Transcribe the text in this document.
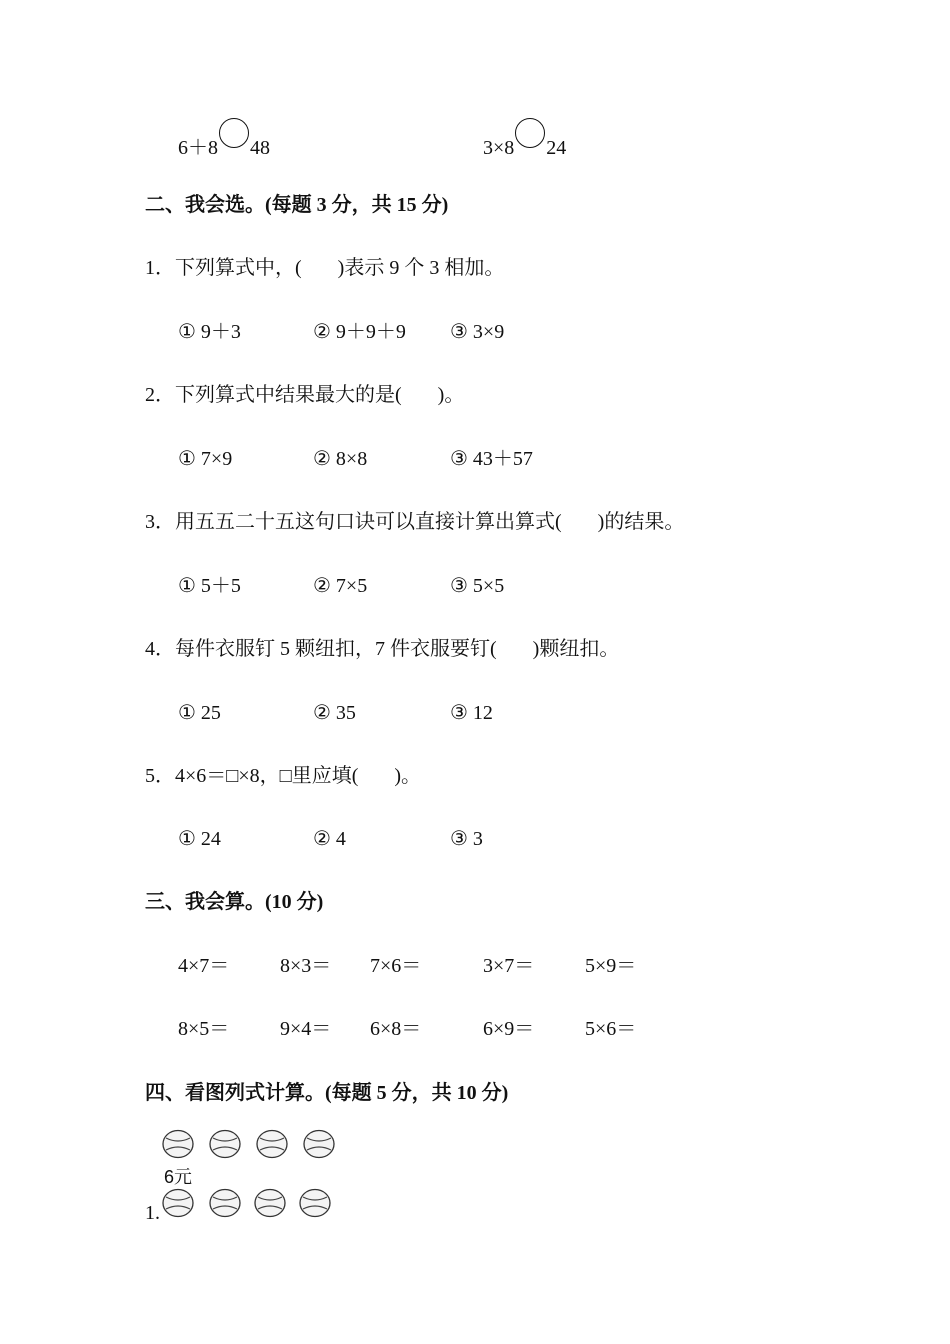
6＋8 48	3×8 24
二、我会选。(每题 3 分，共 15 分)
1．下列算式中，( )表示 9 个 3 相加。
① 9＋3	② 9＋9＋9 ③ 3×9
2．下列算式中结果最大的是( )。
① 7×9	② 8×8	③ 43＋57
3．用五五二十五这句口诀可以直接计算出算式( )的结果。
① 5＋5	② 7×5	③ 5×5
4．每件衣服钉 5 颗纽扣，7 件衣服要钉( )颗纽扣。
① 25	② 35	③ 12
5．4×6＝□×8，□里应填( )。
① 24	② 4	③ 3
三、我会算。(10 分)
4×7＝	8×3＝ 7×6＝	3×7＝	5×9＝
8×5＝	9×4＝ 6×8＝	6×9＝	5×6＝
四、看图列式计算。(每题 5 分，共 10 分)
6元
1.
